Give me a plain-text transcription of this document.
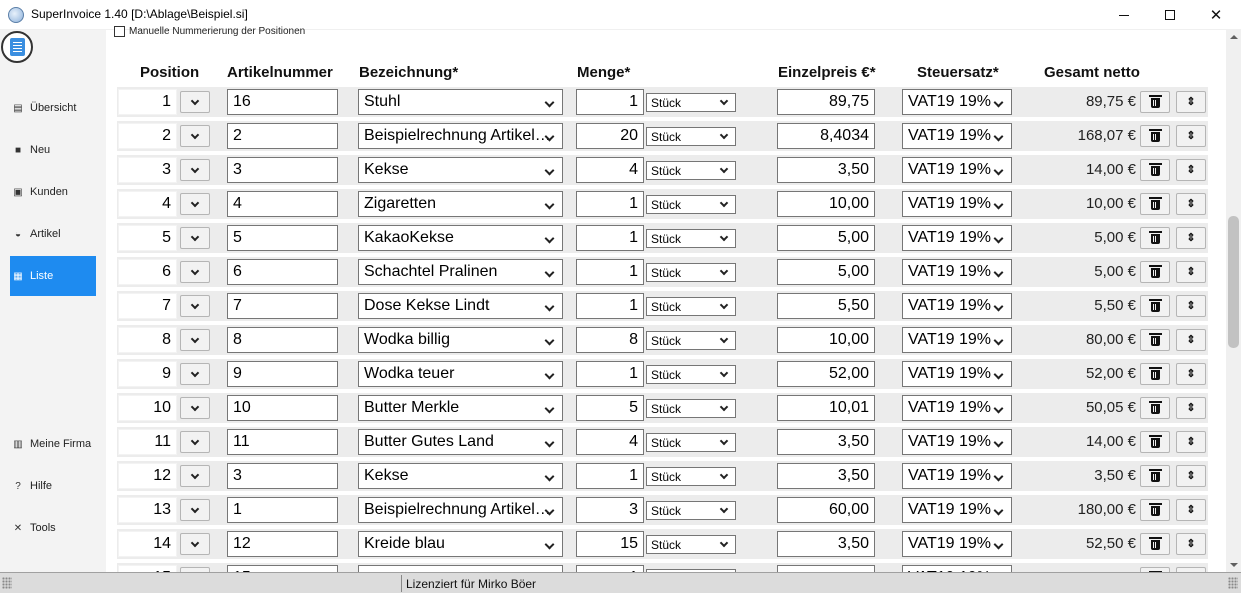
SuperInvoice 1.40 [D:\Ablage\Beispiel.si]	✕
▤ Übersicht
■ Neu
▣ Kunden
◒ Artikel
▦ Liste
▥ Meine Firma
? Hilfe
✕ Tools
Manuelle Nummerierung der Positionen
Position Artikelnummer Bezeichnung*	Menge*	Einzelpreis €*	Steuersatz*	Gesamt netto
1	16	Stuhl	1	Stück	89,75	VAT19 19%	89,75 €	⇕
2	2	Beispielrechnung Artikel…	20	Stück	8,4034	VAT19 19%	168,07 €	⇕
3	3	Kekse	4	Stück	3,50	VAT19 19%	14,00 €	⇕
4	4	Zigaretten	1	Stück	10,00	VAT19 19%	10,00 €	⇕
5	5	KakaoKekse	1	Stück	5,00	VAT19 19%	5,00 €	⇕
6	6	Schachtel Pralinen	1	Stück	5,00	VAT19 19%	5,00 €	⇕
7	7	Dose Kekse Lindt	1	Stück	5,50	VAT19 19%	5,50 €	⇕
8	8	Wodka billig	8	Stück	10,00	VAT19 19%	80,00 €	⇕
9	9	Wodka teuer	1	Stück	52,00	VAT19 19%	52,00 €	⇕
10	10	Butter Merkle	5	Stück	10,01	VAT19 19%	50,05 €	⇕
11	11	Butter Gutes Land	4	Stück	3,50	VAT19 19%	14,00 €	⇕
12	3	Kekse	1	Stück	3,50	VAT19 19%	3,50 €	⇕
13	1	Beispielrechnung Artikel…	3	Stück	60,00	VAT19 19%	180,00 €	⇕
14	12	Kreide blau	15	Stück	3,50	VAT19 19%	52,50 €	⇕
Lizenziert für Mirko Böer
